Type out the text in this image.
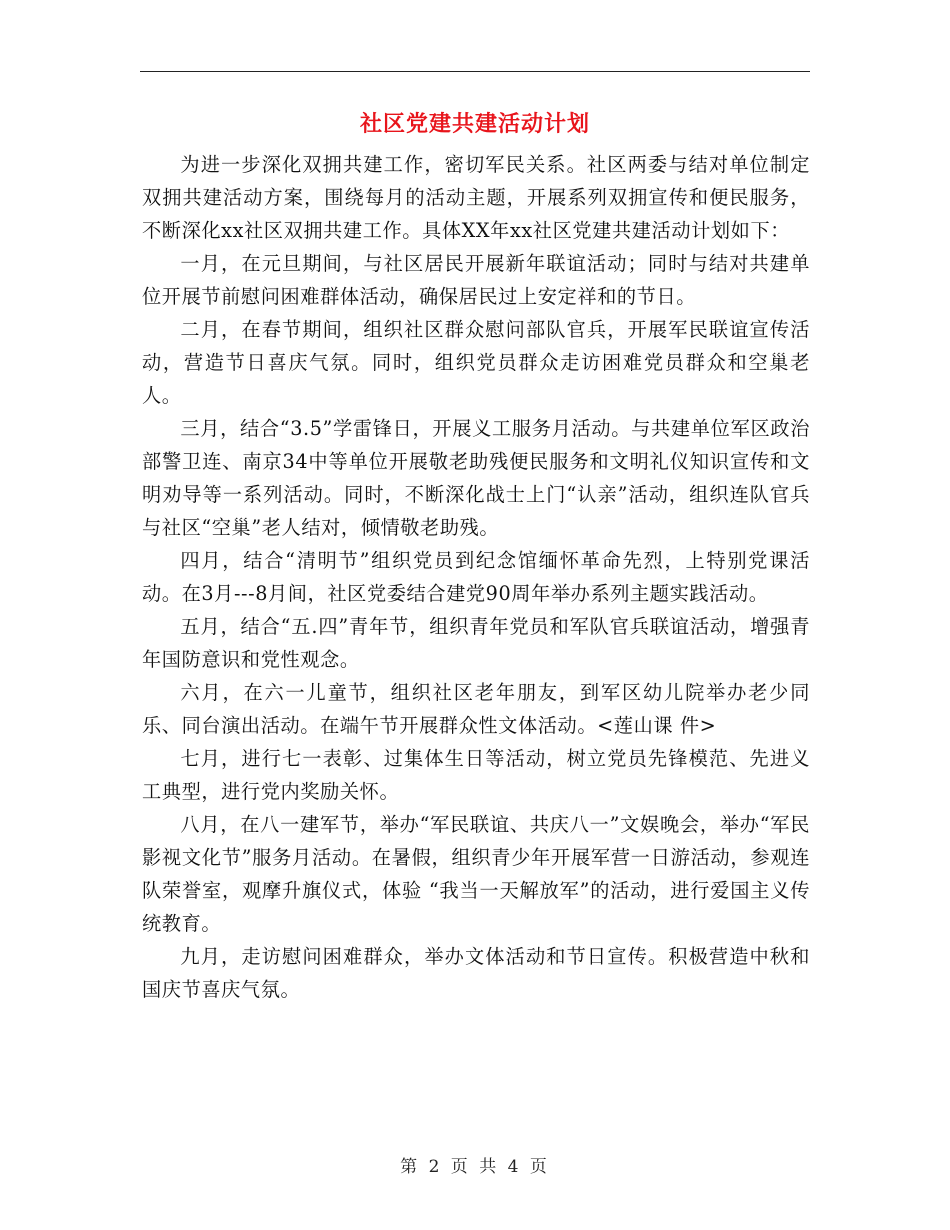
社区党建共建活动计划

为进一步深化双拥共建工作，密切军民关系。社区两委与结对单位制定双拥共建活动方案，围绕每月的活动主题，开展系列双拥宣传和便民服务，不断深化xx社区双拥共建工作。具体XX年xx社区党建共建活动计划如下：

一月，在元旦期间，与社区居民开展新年联谊活动；同时与结对共建单位开展节前慰问困难群体活动，确保居民过上安定祥和的节日。

二月，在春节期间，组织社区群众慰问部队官兵，开展军民联谊宣传活动，营造节日喜庆气氛。同时，组织党员群众走访困难党员群众和空巢老人。

三月，结合“3.5”学雷锋日，开展义工服务月活动。与共建单位军区政治部警卫连、南京34中等单位开展敬老助残便民服务和文明礼仪知识宣传和文明劝导等一系列活动。同时，不断深化战士上门“认亲”活动，组织连队官兵与社区“空巢”老人结对，倾情敬老助残。

四月，结合“清明节”组织党员到纪念馆缅怀革命先烈，上特别党课活动。在3月---8月间，社区党委结合建党90周年举办系列主题实践活动。

五月，结合“五.四”青年节，组织青年党员和军队官兵联谊活动，增强青年国防意识和党性观念。

六月，在六一儿童节，组织社区老年朋友，到军区幼儿院举办老少同乐、同台演出活动。在端午节开展群众性文体活动。<莲山课 件>

七月，进行七一表彰、过集体生日等活动，树立党员先锋模范、先进义工典型，进行党内奖励关怀。

八月，在八一建军节，举办“军民联谊、共庆八一”文娱晚会，举办“军民影视文化节”服务月活动。在暑假，组织青少年开展军营一日游活动，参观连队荣誉室，观摩升旗仪式，体验 “我当一天解放军”的活动，进行爱国主义传统教育。

九月，走访慰问困难群众，举办文体活动和节日宣传。积极营造中秋和国庆节喜庆气氛。

第 2 页 共 4 页
